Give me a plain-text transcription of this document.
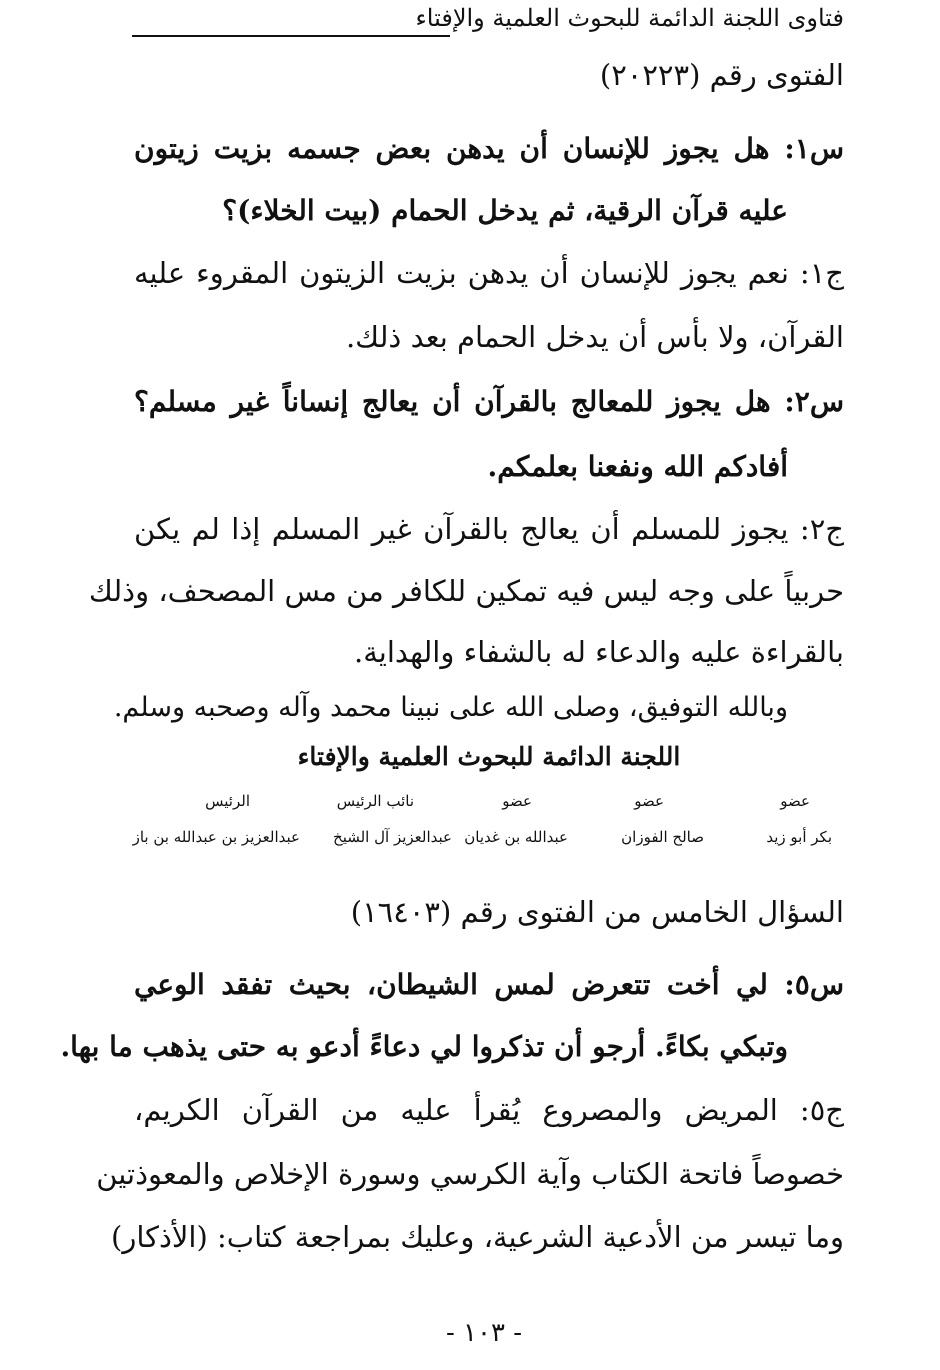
فتاوى اللجنة الدائمة للبحوث العلمية والإفتاء
الفتوى رقم (٢٠٢٢٣)
س١: هل يجوز للإنسان أن يدهن بعض جسمه بزيت زيتون
عليه قرآن الرقية، ثم يدخل الحمام (بيت الخلاء)؟
ج١: نعم يجوز للإنسان أن يدهن بزيت الزيتون المقروء عليه
القرآن، ولا بأس أن يدخل الحمام بعد ذلك.
س٢: هل يجوز للمعالج بالقرآن أن يعالج إنساناً غير مسلم؟
أفادكم الله ونفعنا بعلمكم.
ج٢: يجوز للمسلم أن يعالج بالقرآن غير المسلم إذا لم يكن
حربياً على وجه ليس فيه تمكين للكافر من مس المصحف، وذلك
بالقراءة عليه والدعاء له بالشفاء والهداية.
وبالله التوفيق، وصلى الله على نبينا محمد وآله وصحبه وسلم.
اللجنة الدائمة للبحوث العلمية والإفتاء
عضو
عضو
عضو
نائب الرئيس
الرئيس
بكر أبو زيد
صالح الفوزان
عبدالله بن غديان
عبدالعزيز آل الشيخ
عبدالعزيز بن عبدالله بن باز
السؤال الخامس من الفتوى رقم (١٦٤٠٣)
س٥: لي أخت تتعرض لمس الشيطان، بحيث تفقد الوعي
وتبكي بكاءً. أرجو أن تذكروا لي دعاءً أدعو به حتى يذهب ما بها.
ج٥: المريض والمصروع يُقرأ عليه من القرآن الكريم،
خصوصاً فاتحة الكتاب وآية الكرسي وسورة الإخلاص والمعوذتين
وما تيسر من الأدعية الشرعية، وعليك بمراجعة كتاب: (الأذكار)
- ١٠٣ -
